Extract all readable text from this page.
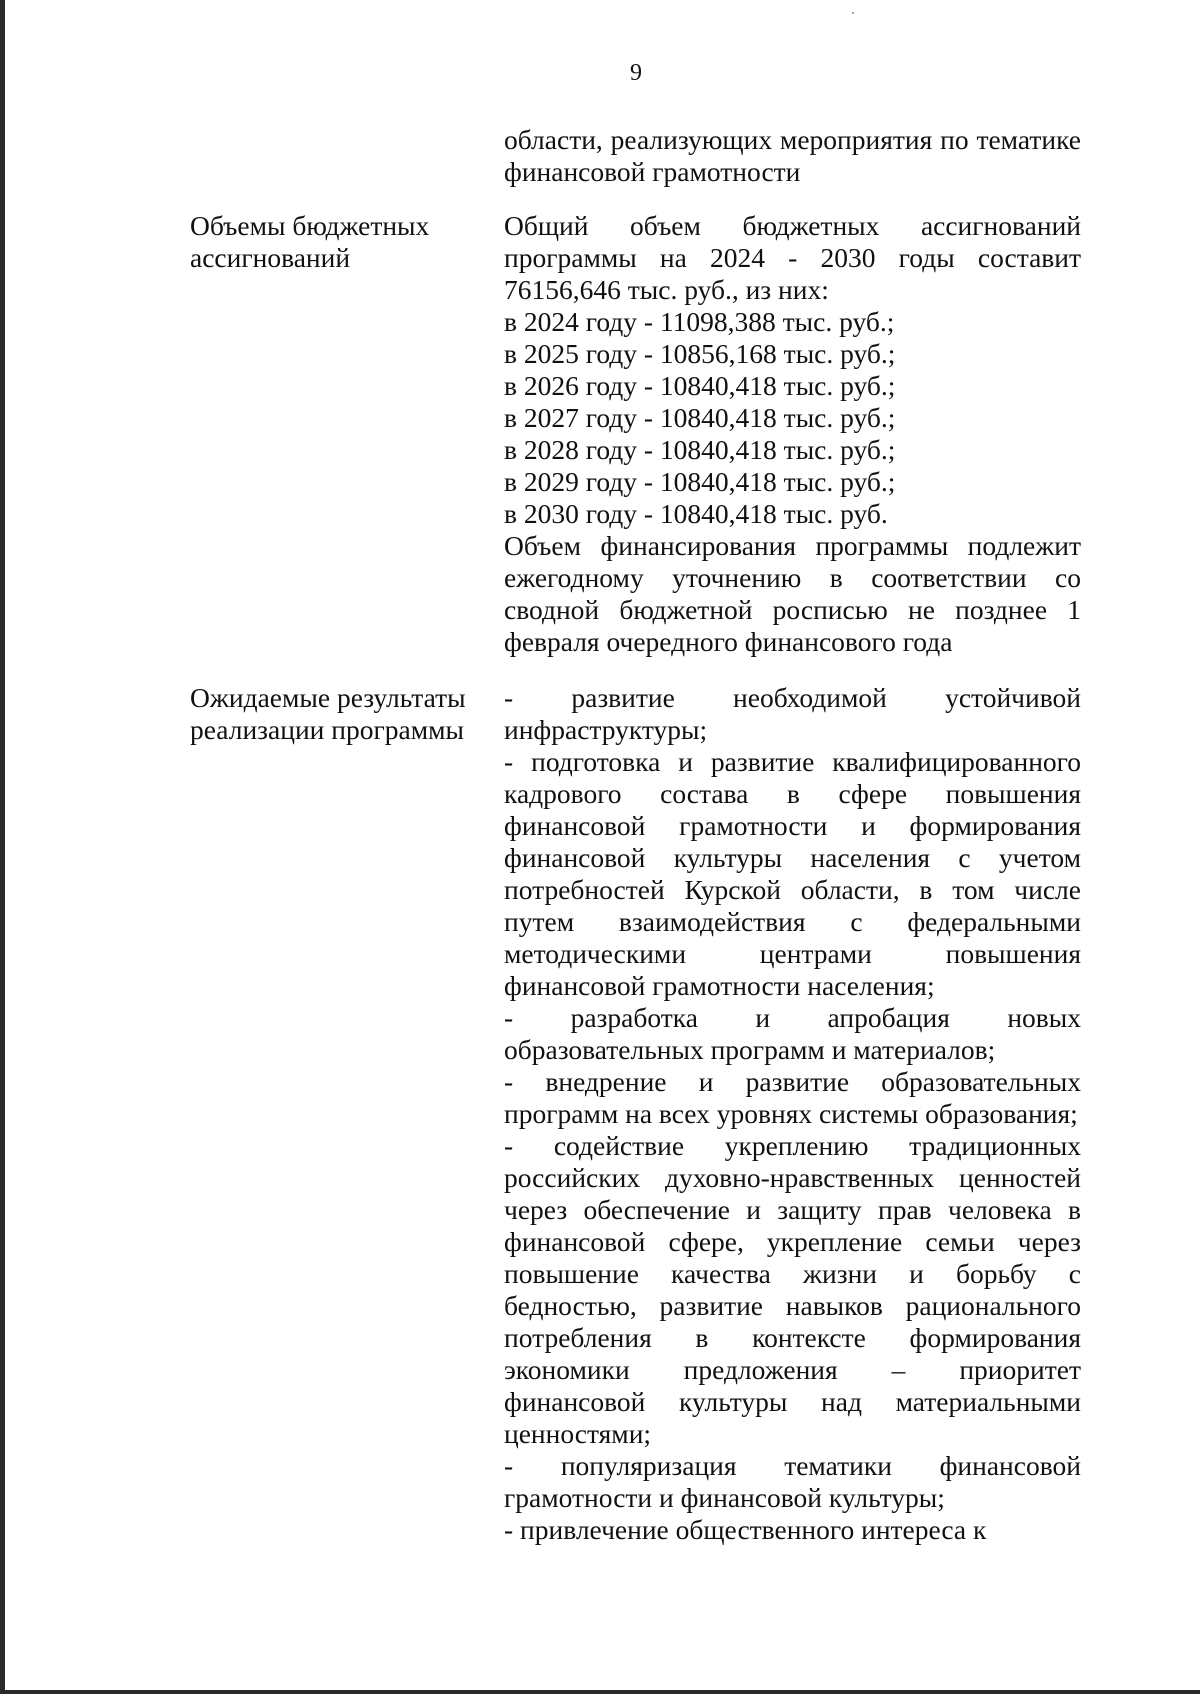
9

области, реализующих мероприятия по тематике финансовой грамотности

Объемы бюджетных ассигнований

Общий объем бюджетных ассигнований программы на 2024 - 2030 годы составит 76156,646 тыс. руб., из них:

в 2024 году - 11098,388 тыс. руб.;
в 2025 году - 10856,168 тыс. руб.;
в 2026 году - 10840,418 тыс. руб.;
в 2027 году - 10840,418 тыс. руб.;
в 2028 году - 10840,418 тыс. руб.;
в 2029 году - 10840,418 тыс. руб.;
в 2030 году - 10840,418 тыс. руб.

Объем финансирования программы подлежит ежегодному уточнению в соответствии со сводной бюджетной росписью не позднее 1 февраля очередного финансового года

Ожидаемые результаты реализации программы

- развитие необходимой устойчивой инфраструктуры;

- подготовка и развитие квалифицированного кадрового состава в сфере повышения финансовой грамотности и формирования финансовой культуры населения с учетом потребностей Курской области, в том числе путем взаимодействия с федеральными методическими центрами повышения финансовой грамотности населения;

- разработка и апробация новых образовательных программ и материалов;

- внедрение и развитие образовательных программ на всех уровнях системы образования;

- содействие укреплению традиционных российских духовно-нравственных ценностей через обеспечение и защиту прав человека в финансовой сфере, укрепление семьи через повышение качества жизни и борьбу с бедностью, развитие навыков рационального потребления в контексте формирования экономики предложения – приоритет финансовой культуры над материальными ценностями;

- популяризация тематики финансовой грамотности и финансовой культуры;

- привлечение общественного интереса к
